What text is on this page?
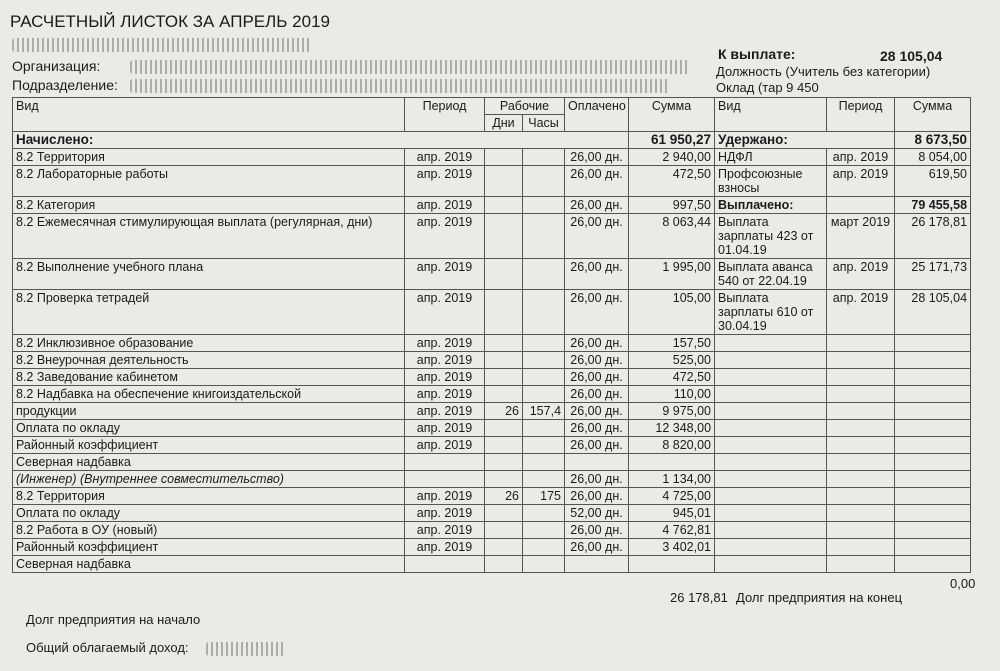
РАСЧЕТНЫЙ ЛИСТОК ЗА АПРЕЛЬ 2019
Организация:
Подразделение:
К выплате:	28 105,04
Должность (Учитель без категории)
Оклад (тар 9 450
Вид	Период	Рабочие		Оплачено	Сумма	Вид	Период	Сумма
		Дни	Часы					
Начислено:					61 950,27	Удержано:		8 673,50
8.2 Территория	апр. 2019			26,00 дн.	2 940,00	НДФЛ	апр. 2019	8 054,00
8.2 Лабораторные работы	апр. 2019			26,00 дн.	472,50	Профсоюзные взносы	апр. 2019	619,50
8.2 Категория	апр. 2019			26,00 дн.	997,50	Выплачено:		79 455,58
8.2 Ежемесячная стимулирующая выплата (регулярная, дни)	апр. 2019			26,00 дн.	8 063,44	Выплата зарплаты 423 от 01.04.19	март 2019	26 178,81
8.2 Выполнение учебного плана	апр. 2019			26,00 дн.	1 995,00	Выплата аванса 540 от 22.04.19	апр. 2019	25 171,73
8.2 Проверка тетрадей	апр. 2019			26,00 дн.	105,00	Выплата зарплаты 610 от 30.04.19	апр. 2019	28 105,04
8.2 Инклюзивное образование	апр. 2019			26,00 дн.	157,50			
8.2 Внеурочная деятельность	апр. 2019			26,00 дн.	525,00			
8.2 Заведование кабинетом	апр. 2019			26,00 дн.	472,50			
8.2 Надбавка на обеспечение книгоиздательской	апр. 2019			26,00 дн.	110,00			
продукции	апр. 2019	26	157,4	26,00 дн.	9 975,00			
Оплата по окладу	апр. 2019			26,00 дн.	12 348,00			
Районный коэффициент	апр. 2019			26,00 дн.	8 820,00			
Северная надбавка								
(Инженер) (Внутреннее совместительство)				26,00 дн.	1 134,00			
8.2 Территория	апр. 2019	26	175	26,00 дн.	4 725,00			
Оплата по окладу	апр. 2019			52,00 дн.	945,01			
8.2 Работа в ОУ (новый)	апр. 2019			26,00 дн.	4 762,81			
Районный коэффициент	апр. 2019			26,00 дн.	3 402,01			
Северная надбавка								
Долг предприятия на начало
26 178,81 Долг предприятия на конец
0,00
Общий облагаемый доход:
